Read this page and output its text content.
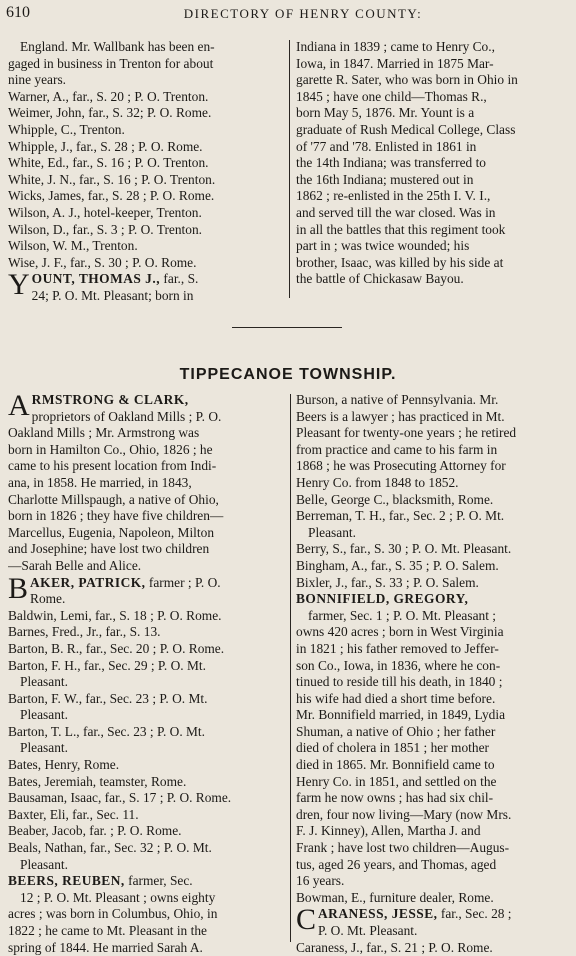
610	DIRECTORY OF HENRY COUNTY:
England. Mr. Wallbank has been en-
gaged in business in Trenton for about
nine years.
Warner, A., far., S. 20 ; P. O. Trenton.
Weimer, John, far., S. 32; P. O. Rome.
Whipple, C., Trenton.
Whipple, J., far., S. 28 ; P. O. Rome.
White, Ed., far., S. 16 ; P. O. Trenton.
White, J. N., far., S. 16 ; P. O. Trenton.
Wicks, James, far., S. 28 ; P. O. Rome.
Wilson, A. J., hotel-keeper, Trenton.
Wilson, D., far., S. 3 ; P. O. Trenton.
Wilson, W. M., Trenton.
Wise, J. F., far., S. 30 ; P. O. Rome.
Y OUNT, THOMAS J., far., S.
24; P. O. Mt. Pleasant; born in
Indiana in 1839 ; came to Henry Co.,
Iowa, in 1847. Married in 1875 Mar-
garette R. Sater, who was born in Ohio in
1845 ; have one child—Thomas R.,
born May 5, 1876. Mr. Yount is a
graduate of Rush Medical College, Class
of '77 and '78. Enlisted in 1861 in
the 14th Indiana; was transferred to
the 16th Indiana; mustered out in
1862 ; re-enlisted in the 25th I. V. I.,
and served till the war closed. Was in
in all the battles that this regiment took
part in ; was twice wounded; his
brother, Isaac, was killed by his side at
the battle of Chickasaw Bayou.
TIPPECANOE TOWNSHIP.
A RMSTRONG & CLARK,
proprietors of Oakland Mills ; P. O.
Oakland Mills ; Mr. Armstrong was
born in Hamilton Co., Ohio, 1826 ; he
came to his present location from Indi-
ana, in 1858. He married, in 1843,
Charlotte Millspaugh, a native of Ohio,
born in 1826 ; they have five children—
Marcellus, Eugenia, Napoleon, Milton
and Josephine; have lost two children
—Sarah Belle and Alice.
B AKER, PATRICK, farmer ; P. O.
Rome.
Baldwin, Lemi, far., S. 18 ; P. O. Rome.
Barnes, Fred., Jr., far., S. 13.
Barton, B. R., far., Sec. 20 ; P. O. Rome.
Barton, F. H., far., Sec. 29 ; P. O. Mt.
Pleasant.
Barton, F. W., far., Sec. 23 ; P. O. Mt.
Pleasant.
Barton, T. L., far., Sec. 23 ; P. O. Mt.
Pleasant.
Bates, Henry, Rome.
Bates, Jeremiah, teamster, Rome.
Bausaman, Isaac, far., S. 17 ; P. O. Rome.
Baxter, Eli, far., Sec. 11.
Beaber, Jacob, far. ; P. O. Rome.
Beals, Nathan, far., Sec. 32 ; P. O. Mt.
Pleasant.
BEERS, REUBEN, farmer, Sec.
12 ; P. O. Mt. Pleasant ; owns eighty
acres ; was born in Columbus, Ohio, in
1822 ; he came to Mt. Pleasant in the
spring of 1844. He married Sarah A.
Burson, a native of Pennsylvania. Mr.
Beers is a lawyer ; has practiced in Mt.
Pleasant for twenty-one years ; he retired
from practice and came to his farm in
1868 ; he was Prosecuting Attorney for
Henry Co. from 1848 to 1852.
Belle, George C., blacksmith, Rome.
Berreman, T. H., far., Sec. 2 ; P. O. Mt.
Pleasant.
Berry, S., far., S. 30 ; P. O. Mt. Pleasant.
Bingham, A., far., S. 35 ; P. O. Salem.
Bixler, J., far., S. 33 ; P. O. Salem.
BONNIFIELD, GREGORY,
farmer, Sec. 1 ; P. O. Mt. Pleasant ;
owns 420 acres ; born in West Virginia
in 1821 ; his father removed to Jeffer-
son Co., Iowa, in 1836, where he con-
tinued to reside till his death, in 1840 ;
his wife had died a short time before.
Mr. Bonnifield married, in 1849, Lydia
Shuman, a native of Ohio ; her father
died of cholera in 1851 ; her mother
died in 1865. Mr. Bonnifield came to
Henry Co. in 1851, and settled on the
farm he now owns ; has had six chil-
dren, four now living—Mary (now Mrs.
F. J. Kinney), Allen, Martha J. and
Frank ; have lost two children—Augus-
tus, aged 26 years, and Thomas, aged
16 years.
Bowman, E., furniture dealer, Rome.
C ARANESS, JESSE, far., Sec. 28 ;
P. O. Mt. Pleasant.
Caraness, J., far., S. 21 ; P. O. Rome.
